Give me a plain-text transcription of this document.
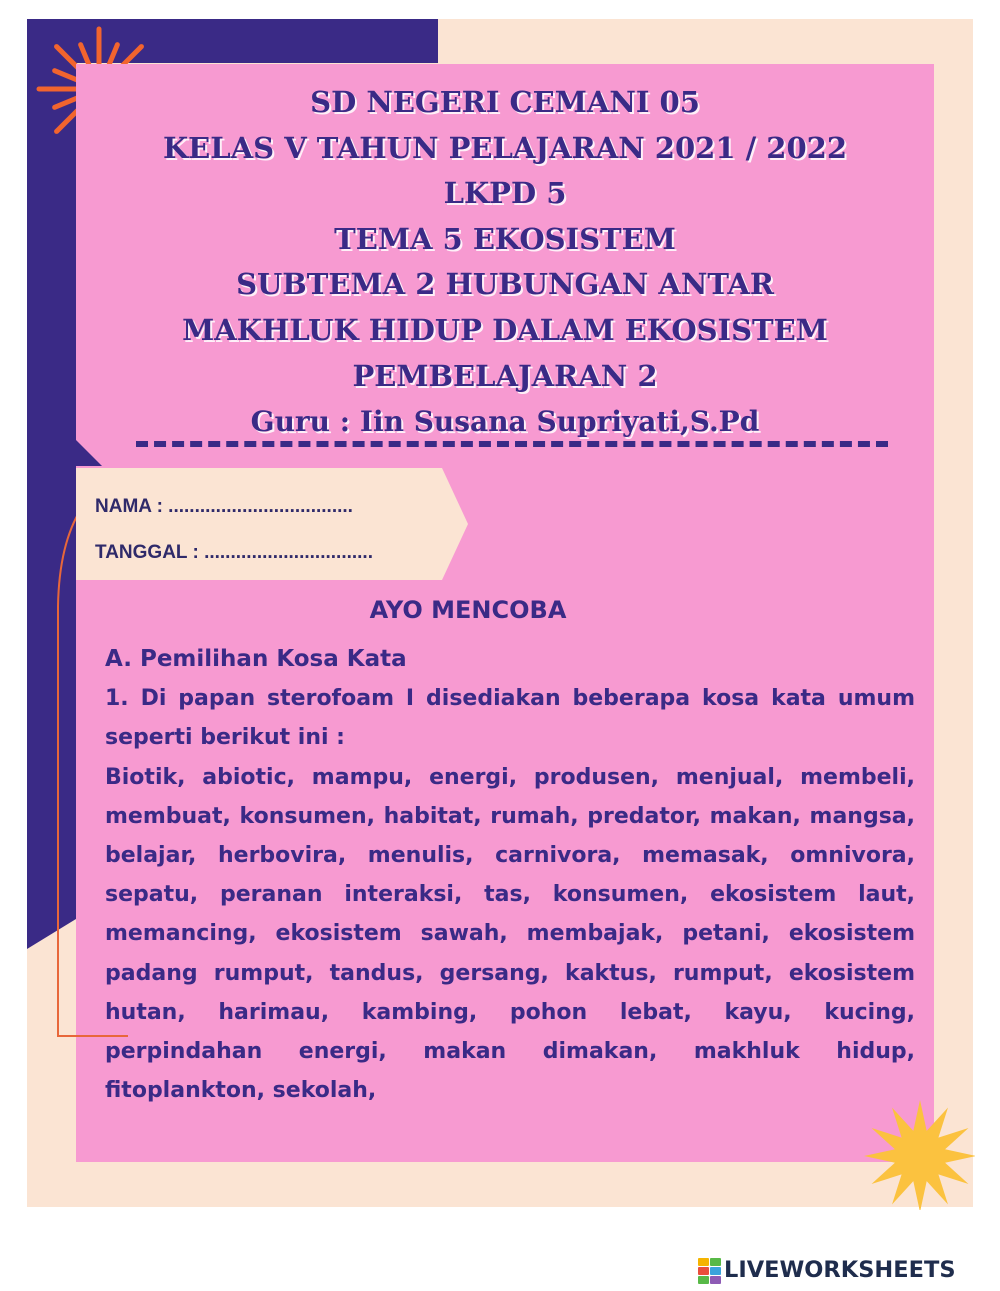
SD NEGERI CEMANI 05
KELAS V TAHUN PELAJARAN 2021 / 2022
LKPD 5
TEMA 5 EKOSISTEM
SUBTEMA 2 HUBUNGAN ANTAR
MAKHLUK HIDUP DALAM EKOSISTEM
PEMBELAJARAN 2
Guru : Iin Susana Supriyati,S.Pd
NAMA : ...................................
TANGGAL : ................................
AYO MENCOBA

A. Pemilihan Kosa Kata

1. Di papan sterofoam I disediakan beberapa kosa kata umum seperti berikut ini :

Biotik, abiotic, mampu, energi, produsen, menjual, membeli, membuat, konsumen, habitat, rumah, predator, makan, mangsa, belajar, herbovira, menulis, carnivora, memasak, omnivora, sepatu, peranan interaksi, tas, konsumen, ekosistem laut, memancing, ekosistem sawah, membajak, petani, ekosistem padang rumput, tandus, gersang, kaktus, rumput, ekosistem hutan, harimau, kambing, pohon lebat, kayu, kucing, perpindahan energi, makan dimakan, makhluk hidup, fitoplankton, sekolah,

LIVEWORKSHEETS
